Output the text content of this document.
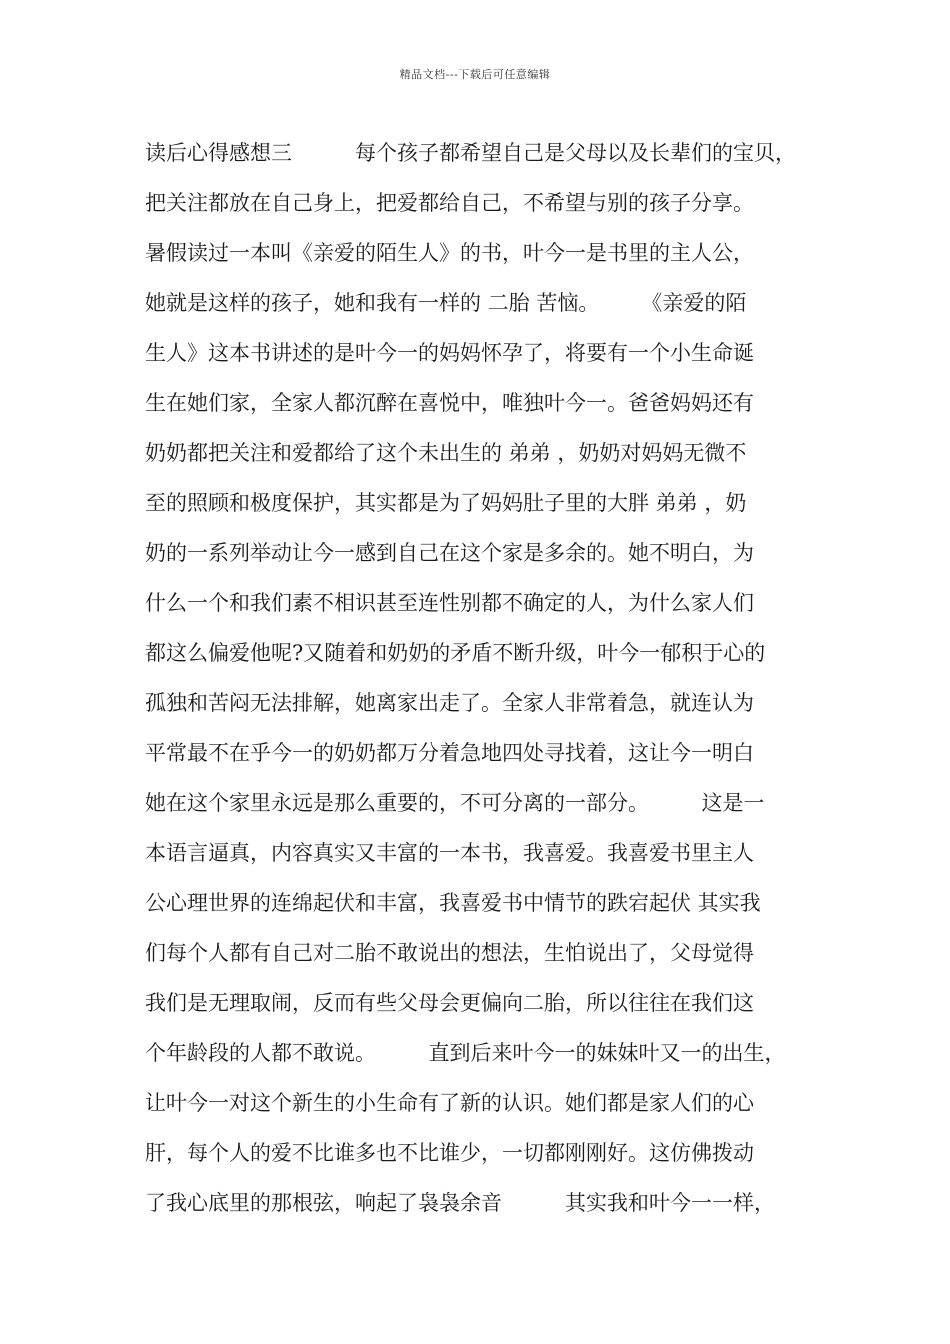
精品文档---下载后可任意编辑
读后心得感想三　　　每个孩子都希望自己是父母以及长辈们的宝贝，
把关注都放在自己身上，把爱都给自己，不希望与别的孩子分享。
暑假读过一本叫《亲爱的陌生人》的书，叶今一是书里的主人公，
她就是这样的孩子，她和我有一样的 二胎 苦恼。　　　《亲爱的陌
生人》这本书讲述的是叶今一的妈妈怀孕了，将要有一个小生命诞
生在她们家，全家人都沉醉在喜悦中，唯独叶今一。爸爸妈妈还有
奶奶都把关注和爱都给了这个未出生的 弟弟 ，奶奶对妈妈无微不
至的照顾和极度保护，其实都是为了妈妈肚子里的大胖 弟弟 ，奶
奶的一系列举动让今一感到自己在这个家是多余的。她不明白，为
什么一个和我们素不相识甚至连性别都不确定的人，为什么家人们
都这么偏爱他呢?又随着和奶奶的矛盾不断升级，叶今一郁积于心的
孤独和苦闷无法排解，她离家出走了。全家人非常着急，就连认为
平常最不在乎今一的奶奶都万分着急地四处寻找着，这让今一明白
她在这个家里永远是那么重要的，不可分离的一部分。　　　这是一
本语言逼真，内容真实又丰富的一本书，我喜爱。我喜爱书里主人
公心理世界的连绵起伏和丰富，我喜爱书中情节的跌宕起伏 其实我
们每个人都有自己对二胎不敢说出的想法，生怕说出了，父母觉得
我们是无理取闹，反而有些父母会更偏向二胎，所以往往在我们这
个年龄段的人都不敢说。　　　直到后来叶今一的妹妹叶又一的出生，
让叶今一对这个新生的小生命有了新的认识。她们都是家人们的心
肝，每个人的爱不比谁多也不比谁少，一切都刚刚好。这仿佛拨动
了我心底里的那根弦，响起了袅袅余音　　　其实我和叶今一一样，
